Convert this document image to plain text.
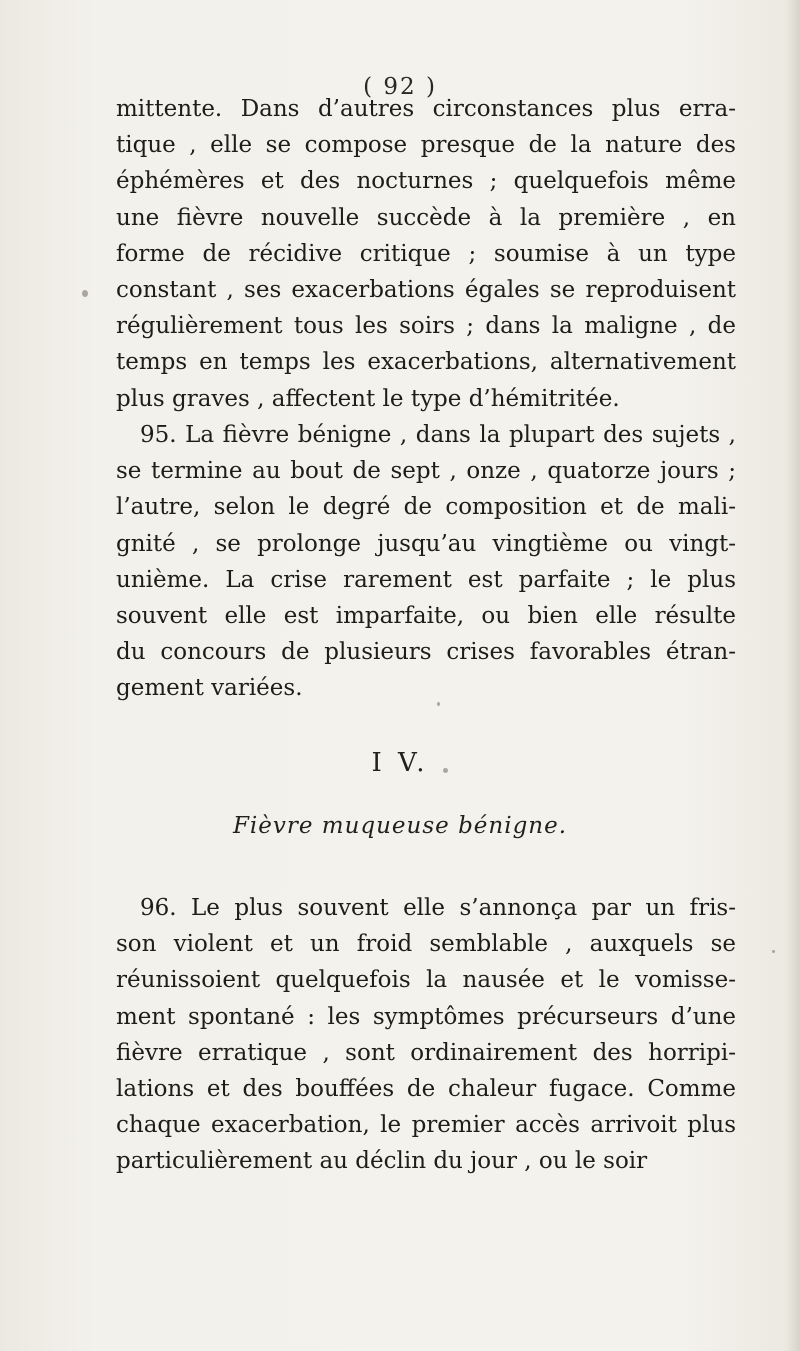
( 92 )
mittente. Dans d’autres circonstances plus erra-
tique , elle se compose presque de la nature des
éphémères et des nocturnes ; quelquefois même
une fièvre nouvelle succède à la première , en
forme de récidive critique ; soumise à un type
constant , ses exacerbations égales se reproduisent
régulièrement tous les soirs ; dans la maligne , de
temps en temps les exacerbations, alternativement
plus graves , affectent le type d’hémitritée.
95. La fièvre bénigne , dans la plupart des sujets ,
se termine au bout de sept , onze , quatorze jours ;
l’autre, selon le degré de composition et de mali-
gnité , se prolonge jusqu’au vingtième ou vingt-
unième. La crise rarement est parfaite ; le plus
souvent elle est imparfaite, ou bien elle résulte
du concours de plusieurs crises favorables étran-
gement variées.
I V.
Fièvre muqueuse bénigne.
96. Le plus souvent elle s’annonça par un fris-
son violent et un froid semblable , auxquels se
réunissoient quelquefois la nausée et le vomisse-
ment spontané : les symptômes précurseurs d’une
fièvre erratique , sont ordinairement des horripi-
lations et des bouffées de chaleur fugace. Comme
chaque exacerbation, le premier accès arrivoit plus
particulièrement au déclin du jour , ou le soir
